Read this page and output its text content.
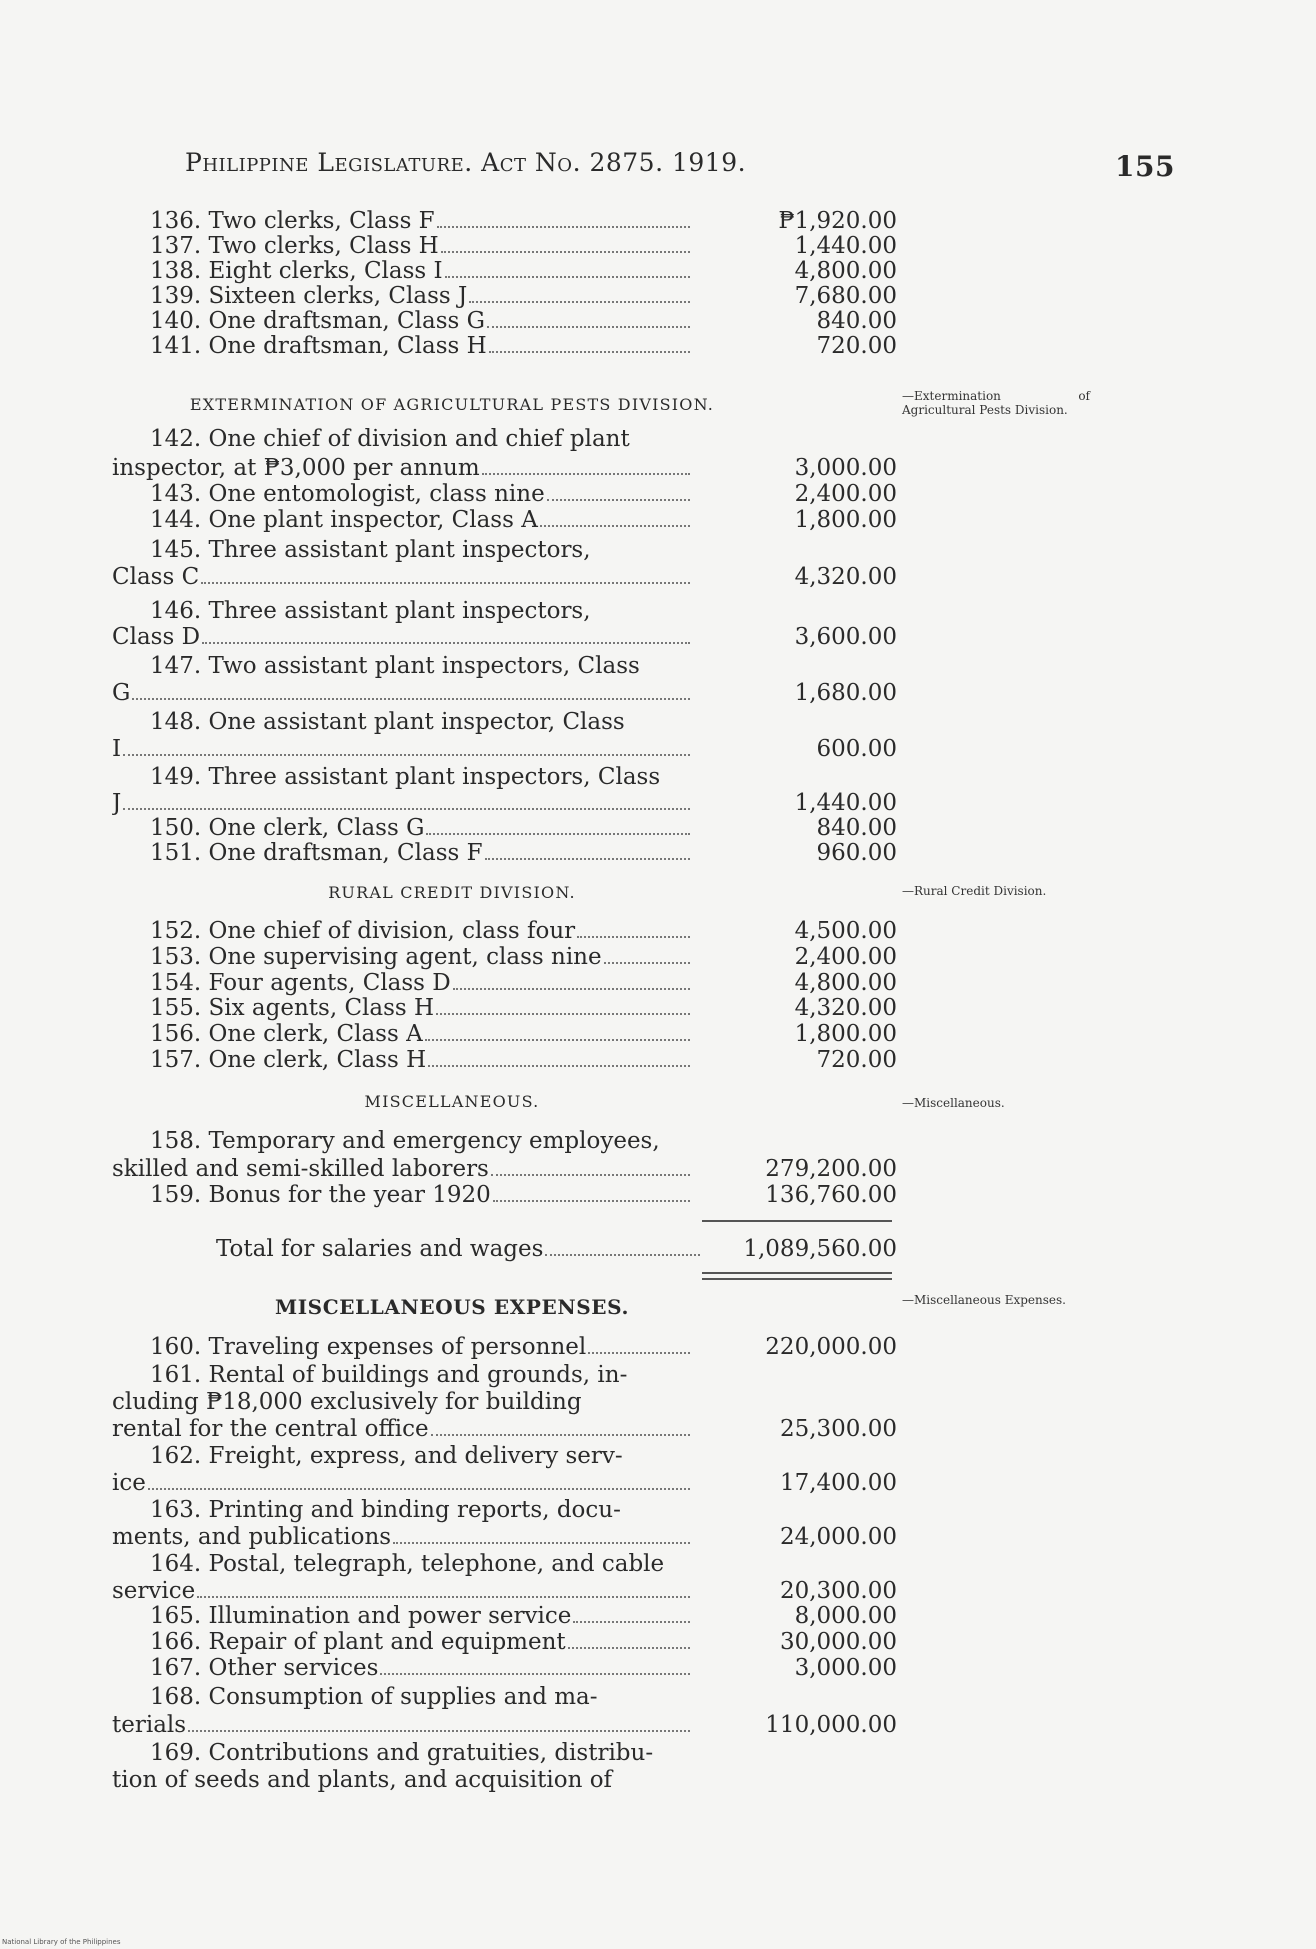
Philippine Legislature. Act No. 2875. 1919.	155
136. Two clerks, Class F	₱1,920.00
137. Two clerks, Class H	1,440.00
138. Eight clerks, Class I	4,800.00
139. Sixteen clerks, Class J	7,680.00
140. One draftsman, Class G	840.00
141. One draftsman, Class H	720.00
EXTERMINATION OF AGRICULTURAL PESTS DIVISION.	—Extermination of Agricultural Pests Division.
142. One chief of division and chief plant
inspector, at ₱3,000 per annum	3,000.00
143. One entomologist, class nine	2,400.00
144. One plant inspector, Class A	1,800.00
145. Three assistant plant inspectors,
Class C	4,320.00
146. Three assistant plant inspectors,
Class D	3,600.00
147. Two assistant plant inspectors, Class
G	1,680.00
148. One assistant plant inspector, Class
I	600.00
149. Three assistant plant inspectors, Class
J	1,440.00
150. One clerk, Class G	840.00
151. One draftsman, Class F	960.00
RURAL CREDIT DIVISION.	—Rural Credit Division.
152. One chief of division, class four	4,500.00
153. One supervising agent, class nine	2,400.00
154. Four agents, Class D	4,800.00
155. Six agents, Class H	4,320.00
156. One clerk, Class A	1,800.00
157. One clerk, Class H	720.00
MISCELLANEOUS.	—Miscellaneous.
158. Temporary and emergency employees,
skilled and semi-skilled laborers	279,200.00
159. Bonus for the year 1920	136,760.00
Total for salaries and wages	1,089,560.00
MISCELLANEOUS EXPENSES.	—Miscellaneous Expenses.
160. Traveling expenses of personnel	220,000.00
161. Rental of buildings and grounds, in-
cluding ₱18,000 exclusively for building
rental for the central office	25,300.00
162. Freight, express, and delivery serv-
ice	17,400.00
163. Printing and binding reports, docu-
ments, and publications	24,000.00
164. Postal, telegraph, telephone, and cable
service	20,300.00
165. Illumination and power service	8,000.00
166. Repair of plant and equipment	30,000.00
167. Other services	3,000.00
168. Consumption of supplies and ma-
terials	110,000.00
169. Contributions and gratuities, distribu-
tion of seeds and plants, and acquisition of
National Library of the Philippines
